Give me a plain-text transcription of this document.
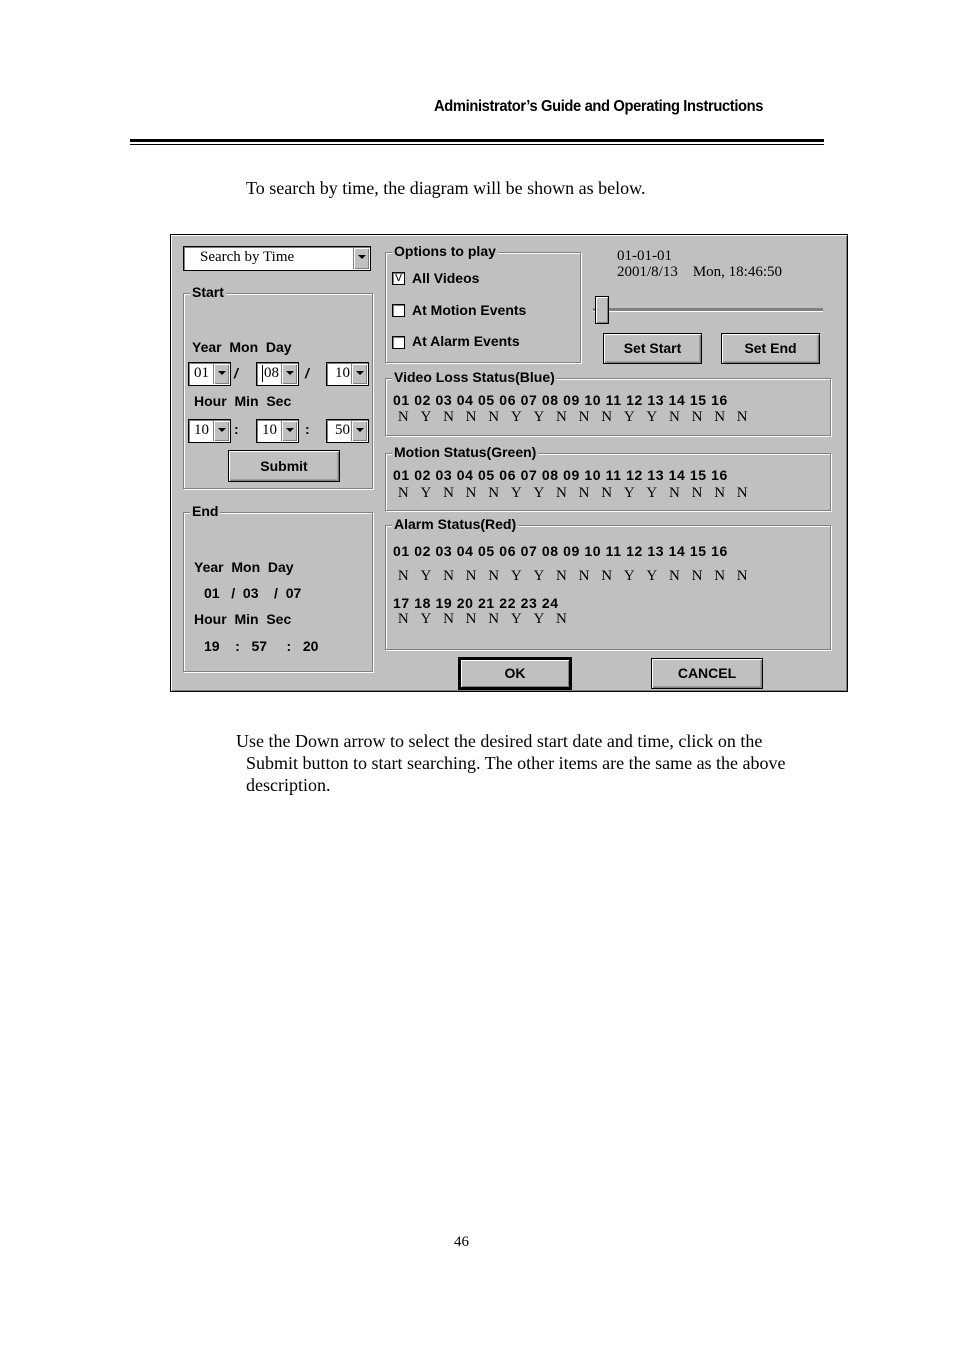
Administrator’s Guide and Operating Instructions
To search by time, the diagram will be shown as below.
Search by Time
Start
Year  Mon  Day
01 / 08 / 10
Hour  Min  Sec
10 : 10 : 50
Submit
End
Year  Mon  Day
01   /  03    /  07
Hour  Min  Sec
19    :   57     :   20
Options to play
V All Videos
At Motion Events
At Alarm Events
01-01-01
2001/8/13    Mon, 18:46:50
Set Start	Set End
Video Loss Status(Blue)
01 02 03 04 05 06 07 08 09 10 11 12 13 14 15 16
N Y N N N Y Y N N N Y Y N N N N
Motion Status(Green)
01 02 03 04 05 06 07 08 09 10 11 12 13 14 15 16
N Y N N N Y Y N N N Y Y N N N N
Alarm Status(Red)
01 02 03 04 05 06 07 08 09 10 11 12 13 14 15 16
N Y N N N Y Y N N N Y Y N N N N
17 18 19 20 21 22 23 24
N Y N N N Y Y N
OK	CANCEL
Use the Down arrow to select the desired start date and time, click on the
Submit button to start searching. The other items are the same as the above
description.
46
